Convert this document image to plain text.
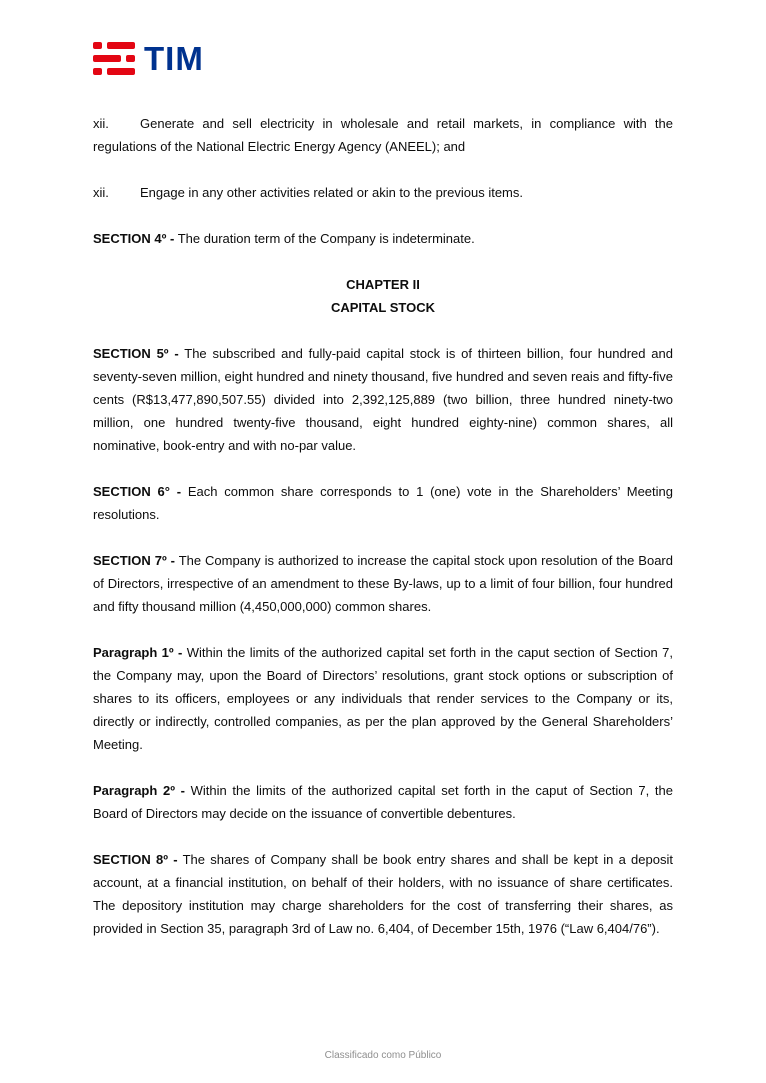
TIM

xii. Generate and sell electricity in wholesale and retail markets, in compliance with the regulations of the National Electric Energy Agency (ANEEL); and

xii. Engage in any other activities related or akin to the previous items.

SECTION 4º - The duration term of the Company is indeterminate.

CHAPTER II
CAPITAL STOCK

SECTION 5º - The subscribed and fully-paid capital stock is of thirteen billion, four hundred and seventy-seven million, eight hundred and ninety thousand, five hundred and seven reais and fifty-five cents (R$13,477,890,507.55) divided into 2,392,125,889 (two billion, three hundred ninety-two million, one hundred twenty-five thousand, eight hundred eighty-nine) common shares, all nominative, book-entry and with no-par value.

SECTION 6° - Each common share corresponds to 1 (one) vote in the Shareholders’ Meeting resolutions.

SECTION 7º - The Company is authorized to increase the capital stock upon resolution of the Board of Directors, irrespective of an amendment to these By-laws, up to a limit of four billion, four hundred and fifty thousand million (4,450,000,000) common shares.

Paragraph 1º - Within the limits of the authorized capital set forth in the caput section of Section 7, the Company may, upon the Board of Directors’ resolutions, grant stock options or subscription of shares to its officers, employees or any individuals that render services to the Company or its, directly or indirectly, controlled companies, as per the plan approved by the General Shareholders’ Meeting.

Paragraph 2º - Within the limits of the authorized capital set forth in the caput of Section 7, the Board of Directors may decide on the issuance of convertible debentures.

SECTION 8º - The shares of Company shall be book entry shares and shall be kept in a deposit account, at a financial institution, on behalf of their holders, with no issuance of share certificates. The depository institution may charge shareholders for the cost of transferring their shares, as provided in Section 35, paragraph 3rd of Law no. 6,404, of December 15th, 1976 (“Law 6,404/76”).

Classificado como Público
